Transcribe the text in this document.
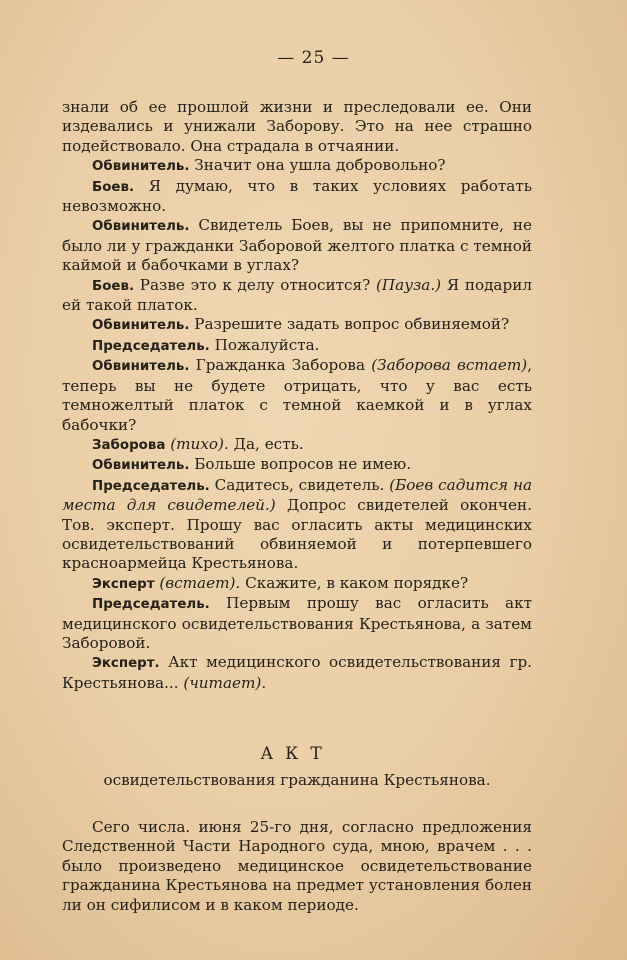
— 25 —

знали об ее прошлой жизни и преследовали ее. Они издевались и унижали Заборову. Это на нее страшно подействовало. Она страдала в отчаянии.

Обвинитель. Значит она ушла добровольно?

Боев. Я думаю, что в таких условиях работать невозможно.

Обвинитель. Свидетель Боев, вы не припомните, не было ли у гражданки Заборовой желтого платка с темной каймой и бабочками в углах?

Боев. Разве это к делу относится? (Пауза.) Я подарил ей такой платок.

Обвинитель. Разрешите задать вопрос обвиняемой?

Председатель. Пожалуйста.

Обвинитель. Гражданка Заборова (Заборова встает), теперь вы не будете отрицать, что у вас есть темножелтый платок с темной каемкой и в углах бабочки?

Заборова (тихо). Да, есть.

Обвинитель. Больше вопросов не имею.

Председатель. Садитесь, свидетель. (Боев садится на места для свидетелей.) Допрос свидетелей окончен. Тов. эксперт. Прошу вас огласить акты медицинских освидетельствований обвиняемой и потерпевшего красноармейца Крестьянова.

Эксперт (встает). Скажите, в каком порядке?

Председатель. Первым прошу вас огласить акт медицинского освидетельствования Крестьянова, а затем Заборовой.

Эксперт. Акт медицинского освидетельствования гр. Крестьянова... (читает).

АКТ

освидетельствования гражданина Крестьянова.

Сего числа. июня 25-го дня, согласно предложения Следственной Части Народного суда, мною, врачем . . . было произведено медицинское освидетельствование гражданина Крестьянова на предмет установления болен ли он сифилисом и в каком периоде.
